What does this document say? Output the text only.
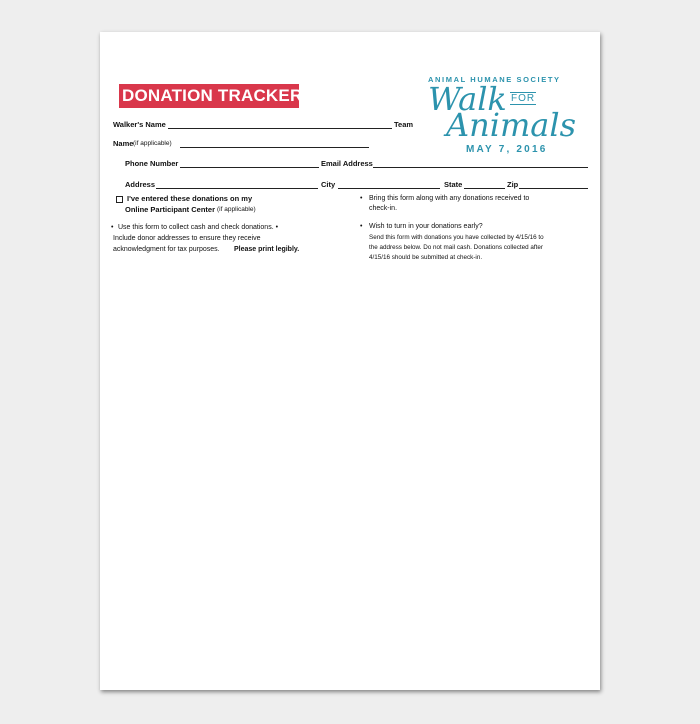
DONATION TRACKER
ANIMAL HUMANE SOCIETY
Walk FOR
Animals
MAY 7, 2016
Walker's Name	Team
Name (if applicable)
Phone Number	Email Address
Address	City	State	Zip
I've entered these donations on my
Online Participant Center (if applicable)
• Use this form to collect cash and check donations. •
Include donor addresses to ensure they receive
acknowledgment for tax purposes. Please print legibly.
• Bring this form along with any donations received to
check-in.
• Wish to turn in your donations early?
Send this form with donations you have collected by 4/15/16 to
the address below. Do not mail cash. Donations collected after
4/15/16 should be submitted at check-in.
